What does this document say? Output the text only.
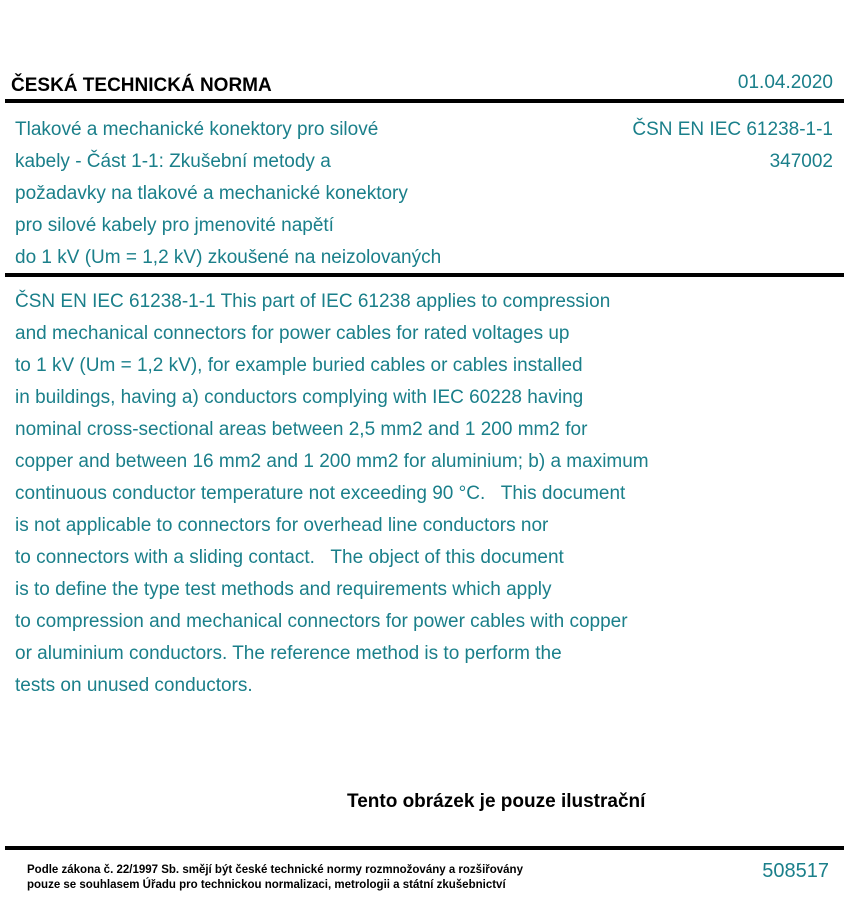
ČESKÁ TECHNICKÁ NORMA	01.04.2020
Tlakové a mechanické konektory pro silové
kabely - Část 1-1: Zkušební metody a
požadavky na tlakové a mechanické konektory
pro silové kabely pro jmenovité napětí
do 1 kV (Um = 1,2 kV) zkoušené na neizolovaných
ČSN EN IEC 61238-1-1
347002
ČSN EN IEC 61238-1-1 This part of IEC 61238 applies to compression
and mechanical connectors for power cables for rated voltages up
to 1 kV (Um = 1,2 kV), for example buried cables or cables installed
in buildings, having a) conductors complying with IEC 60228 having
nominal cross-sectional areas between 2,5 mm2 and 1 200 mm2 for
copper and between 16 mm2 and 1 200 mm2 for aluminium; b) a maximum
continuous conductor temperature not exceeding 90 °C.   This document
is not applicable to connectors for overhead line conductors nor
to connectors with a sliding contact.   The object of this document
is to define the type test methods and requirements which apply
to compression and mechanical connectors for power cables with copper
or aluminium conductors. The reference method is to perform the
tests on unused conductors.
Tento obrázek je pouze ilustrační
Podle zákona č. 22/1997 Sb. smějí být české technické normy rozmnožovány a rozšiřovány
pouze se souhlasem Úřadu pro technickou normalizaci, metrologii a státní zkušebnictví
508517
